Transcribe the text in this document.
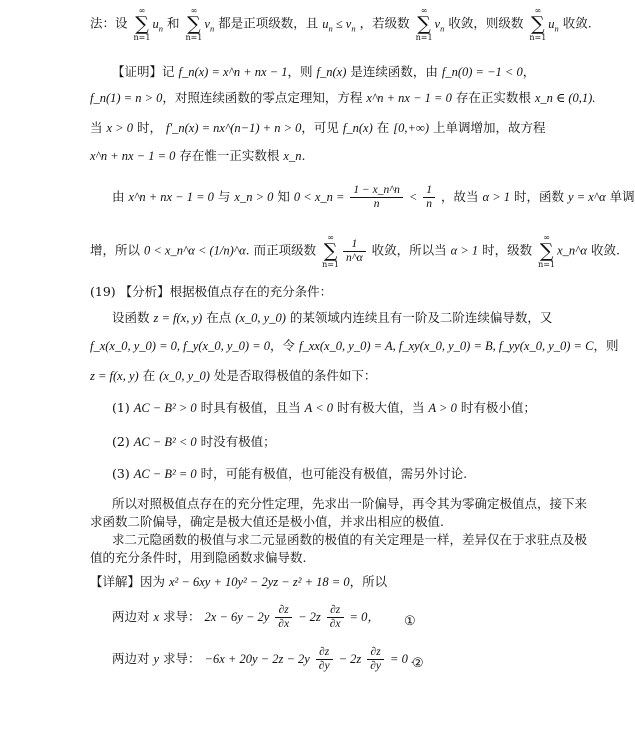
法：设 ∞
∑
$n=1u_n$ 和 ∞
∑
$n=1v_n$ 都是正项级数，且 $u_n \le v_n$ ，若级数 ∞
∑
$n=1v_n$ 收敛，则级数 ∞
∑
$n=1u_n$ 收敛.
【证明】记 f_n(x) = x^n + nx − 1，则 f_n(x) 是连续函数，由 f_n(0) = −1 < 0，
f_n(1) = n > 0，对照连续函数的零点定理知，方程 x^n + nx − 1 = 0 存在正实数根 x_n ∈ (0,1).
当 x > 0 时， f'_n(x) = nx^(n−1) + n > 0，可见 f_n(x) 在 [0,+∞) 上单调增加，故方程
x^n + nx − 1 = 0 存在惟一正实数根 x_n.
由 x^n + nx − 1 = 0 与 x_n > 0 知 0 < x_n = $\frac{1 - x\_n\^{}n}{n} < \frac{1}{n}$ ，故当 α > 1 时，函数 y = x^α 单调
增，所以 0 < x_n^α < (1/n)^α. 而正项级数 ∞
∑
$n=1 \frac{1}{n\^{}\alpha}$ 收敛，所以当 α > 1 时，级数 ∞
∑
n=1x_n^α 收敛.
(19) 【分析】根据极值点存在的充分条件：
设函数 z = f(x, y) 在点 (x_0, y_0) 的某领域内连续且有一阶及二阶连续偏导数，又
f_x(x_0, y_0) = 0, f_y(x_0, y_0) = 0，令 f_xx(x_0, y_0) = A, f_xy(x_0, y_0) = B, f_yy(x_0, y_0) = C，则
z = f(x, y) 在 (x_0, y_0) 处是否取得极值的条件如下：
(1) AC − B² > 0 时具有极值，且当 A < 0 时有极大值，当 A > 0 时有极小值；
(2) AC − B² < 0 时没有极值；
(3) AC − B² = 0 时，可能有极值，也可能没有极值，需另外讨论.
所以对照极值点存在的充分性定理，先求出一阶偏导，再令其为零确定极值点，接下来
求函数二阶偏导，确定是极大值还是极小值，并求出相应的极值.
求二元隐函数的极值与求二元显函数的极值的有关定理是一样，差异仅在于求驻点及极
值的充分条件时，用到隐函数求偏导数.
【详解】因为 x² − 6xy + 10y² − 2yz − z² + 18 = 0，所以
两边对 x 求导： $2x - 6y - 2y \frac{\partial z}{\partial x} - 2z \frac{\partial z}{\partial x} = 0$，	①
两边对 y 求导： $-6x + 20y - 2z - 2y \frac{\partial z}{\partial y} - 2z \frac{\partial z}{\partial y} = 0$ .
②
